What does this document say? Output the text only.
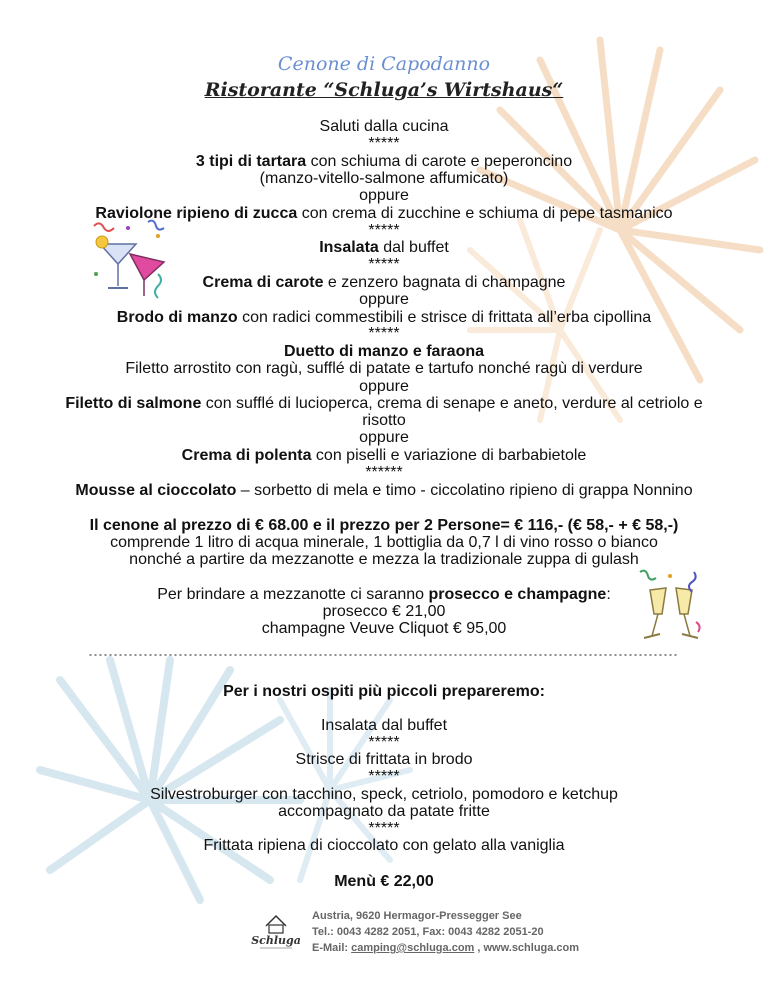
Cenone di Capodanno
Ristorante “Schluga’s Wirtshaus“
Saluti dalla cucina
*****
3 tipi di tartara con schiuma di carote e peperoncino
(manzo-vitello-salmone affumicato)
oppure
Raviolone ripieno di zucca con crema di zucchine e schiuma di pepe tasmanico
*****
Insalata dal buffet
*****
Crema di carote e zenzero bagnata di champagne
oppure
Brodo di manzo con radici commestibili e strisce di frittata all’erba cipollina
*****
Duetto di manzo e faraona
Filetto arrostito con ragù, sufflé di patate e tartufo nonché ragù di verdure
oppure
Filetto di salmone con sufflé di lucioperca, crema di senape e aneto, verdure al cetriolo e
risotto
oppure
Crema di polenta con piselli e variazione di barbabietole
******
Mousse al cioccolato – sorbetto di mela e timo - ciccolatino ripieno di grappa Nonnino
Il cenone al prezzo di € 68.00 e il prezzo per 2 Persone= € 116,- (€ 58,- + € 58,-)
comprende 1 litro di acqua minerale, 1 bottiglia da 0,7 l di vino rosso o bianco
nonché a partire da mezzanotte e mezza la tradizionale zuppa di gulash
Per brindare a mezzanotte ci saranno prosecco e champagne:
prosecco € 21,00
champagne Veuve Cliquot € 95,00
Per i nostri ospiti più piccoli prepareremo:
Insalata dal buffet
*****
Strisce di frittata in brodo
*****
Silvestroburger con tacchino, speck, cetriolo, pomodoro e ketchup
accompagnato da patate fritte
*****
Frittata ripiena di cioccolato con gelato alla vaniglia
Menù € 22,00
Schluga
Austria, 9620 Hermagor-Pressegger See
Tel.: 0043 4282 2051, Fax: 0043 4282 2051-20
E-Mail: camping@schluga.com , www.schluga.com
